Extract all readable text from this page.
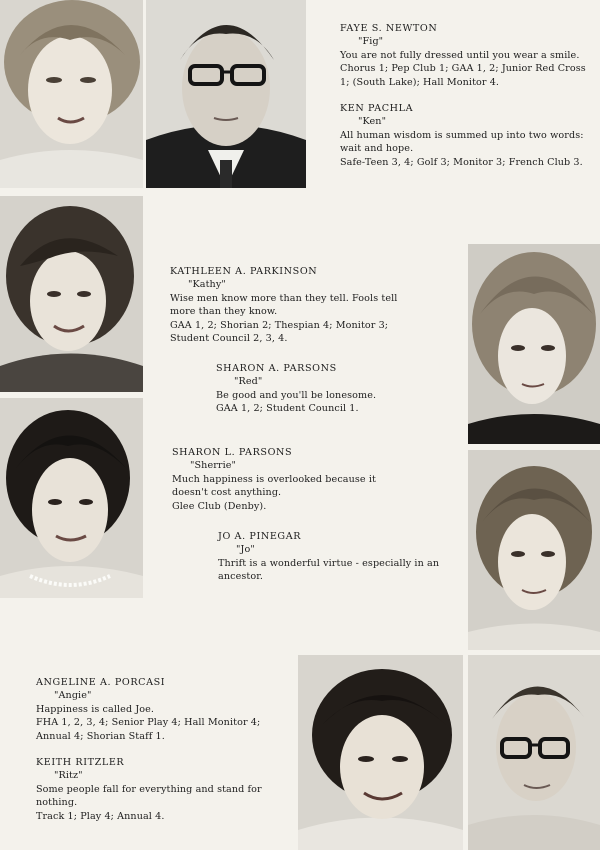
FAYE S. NEWTON
"Fig"
You are not fully dressed until you wear a smile.
Chorus 1; Pep Club 1; GAA 1, 2; Junior Red Cross 1; (South Lake); Hall Monitor 4.
KEN PACHLA
"Ken"
All human wisdom is summed up into two words: wait and hope.
Safe-Teen 3, 4; Golf 3; Monitor 3; French Club 3.
KATHLEEN A. PARKINSON
"Kathy"
Wise men know more than they tell. Fools tell more than they know.
GAA 1, 2; Shorian 2; Thespian 4; Monitor 3; Student Council 2, 3, 4.
SHARON A. PARSONS
"Red"
Be good and you'll be lonesome.
GAA 1, 2; Student Council 1.
SHARON L. PARSONS
"Sherrie"
Much happiness is overlooked because it doesn't cost anything.
Glee Club (Denby).
JO A. PINEGAR
"Jo"
Thrift is a wonderful virtue - especially in an ancestor.
ANGELINE A. PORCASI
"Angie"
Happiness is called Joe.
FHA 1, 2, 3, 4; Senior Play 4; Hall Monitor 4; Annual 4; Shorian Staff 1.
KEITH RITZLER
"Ritz"
Some people fall for everything and stand for nothing.
Track 1; Play 4; Annual 4.
